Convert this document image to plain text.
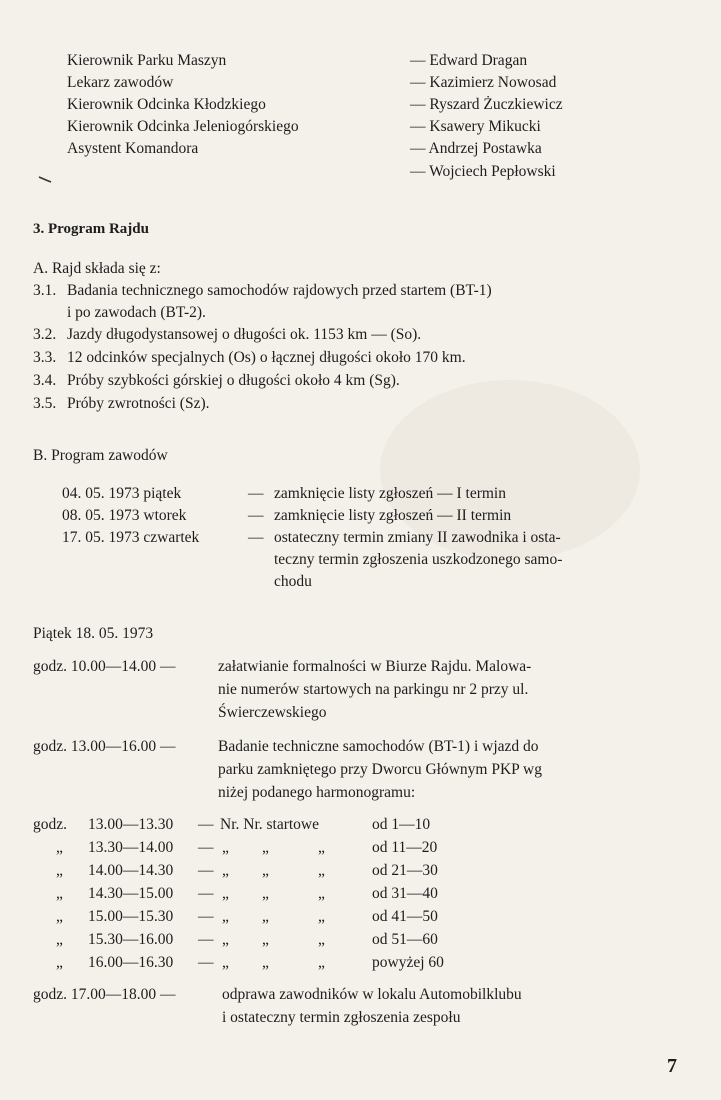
Kierownik Parku Maszyn	— Edward Dragan
Lekarz zawodów	— Kazimierz Nowosad
Kierownik Odcinka Kłodzkiego	— Ryszard Żuczkiewicz
Kierownik Odcinka Jeleniogórskiego	— Ksawery Mikucki
Asystent Komandora	— Andrzej Postawka
— Wojciech Pepłowski
3. Program Rajdu
A. Rajd składa się z:
3.1. Badania technicznego samochodów rajdowych przed startem (BT-1)
i po zawodach (BT-2).
3.2. Jazdy długodystansowej o długości ok. 1153 km — (So).
3.3. 12 odcinków specjalnych (Os) o łącznej długości około 170 km.
3.4. Próby szybkości górskiej o długości około 4 km (Sg).
3.5. Próby zwrotności (Sz).
B. Program zawodów
04. 05. 1973 piątek	— zamknięcie listy zgłoszeń — I termin
08. 05. 1973 wtorek	— zamknięcie listy zgłoszeń — II termin
17. 05. 1973 czwartek	— ostateczny termin zmiany II zawodnika i osta-
teczny termin zgłoszenia uszkodzonego samo-
chodu
Piątek 18. 05. 1973
godz. 10.00—14.00 —	załatwianie formalności w Biurze Rajdu. Malowa-
nie numerów startowych na parkingu nr 2 przy ul.
Świerczewskiego
godz. 13.00—16.00 —	Badanie techniczne samochodów (BT-1) i wjazd do
parku zamkniętego przy Dworcu Głównym PKP wg
niżej podanego harmonogramu:
godz. 13.00—13.30 — Nr. Nr. startowe	od 1—10
„ 13.30—14.00 — „ „	„	od 11—20
„ 14.00—14.30 — „ „	„	od 21—30
„ 14.30—15.00 — „ „	„	od 31—40
„ 15.00—15.30 — „ „	„	od 41—50
„ 15.30—16.00 — „ „	„	od 51—60
„ 16.00—16.30 — „ „	„	powyżej 60
godz. 17.00—18.00 —	odprawa zawodników w lokalu Automobilklubu
i ostateczny termin zgłoszenia zespołu
7
